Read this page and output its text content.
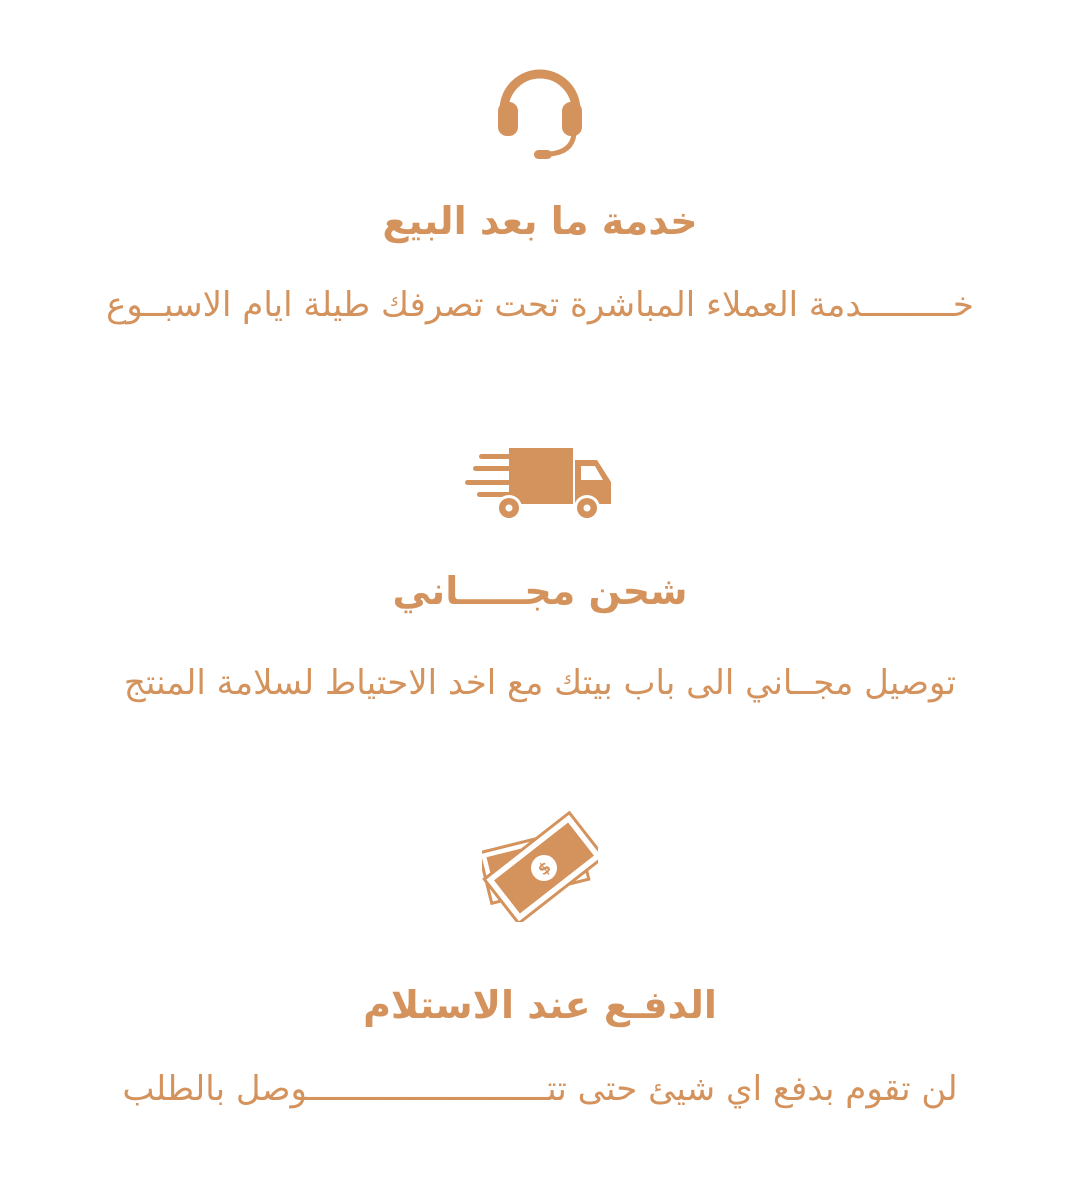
خدمة ما بعد البيع
خـــــــــدمة العملاء المباشرة تحت تصرفك طيلة ايام الاسبــوع
شحن مجـــــاني
توصيل مجــاني الى باب بيتك مع اخد الاحتياط لسلامة المنتج
$
الدفـع عند الاستلام
لن تقوم بدفع اي شيئ حتى تتــــــــــــــــــــــــوصل بالطلب
